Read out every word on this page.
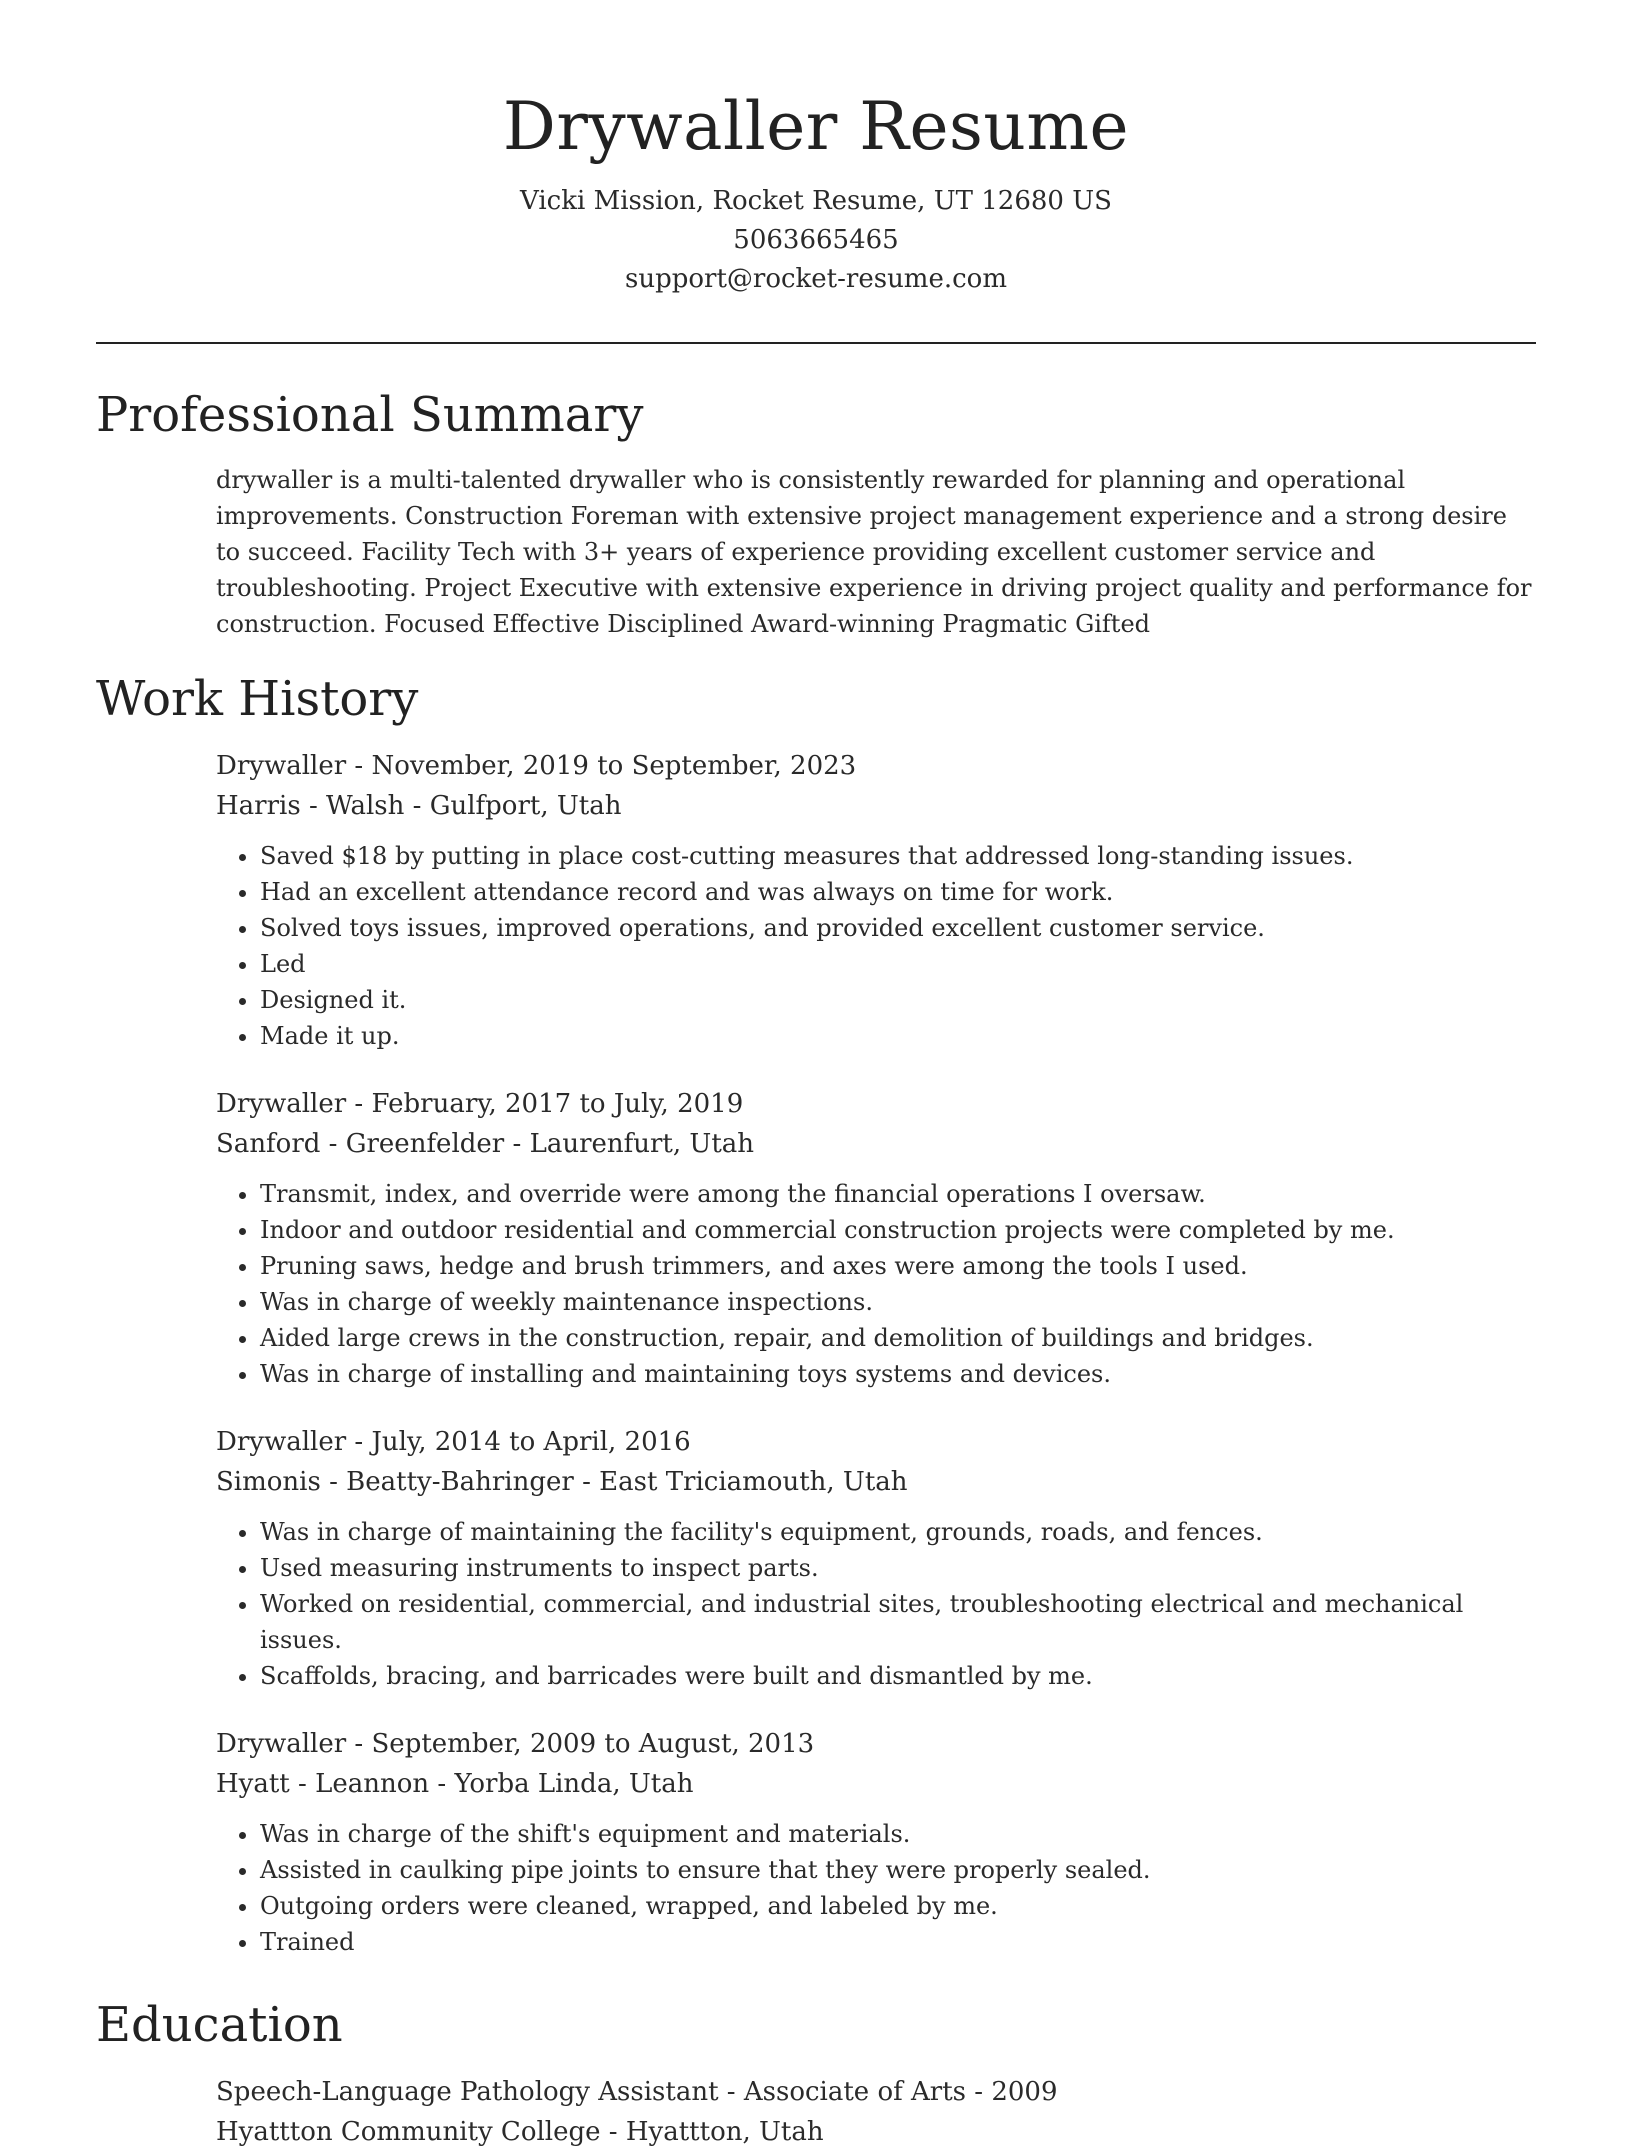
Drywaller Resume
Vicki Mission, Rocket Resume, UT 12680 US
5063665465
support@rocket-resume.com
Professional Summary

drywaller is a multi-talented drywaller who is consistently rewarded for planning and operational improvements. Construction Foreman with extensive project management experience and a strong desire to succeed. Facility Tech with 3+ years of experience providing excellent customer service and troubleshooting. Project Executive with extensive experience in driving project quality and performance for construction. Focused Effective Disciplined Award-winning Pragmatic Gifted

Work History
Drywaller - November, 2019 to September, 2023
Harris - Walsh - Gulfport, Utah
• Saved $18 by putting in place cost-cutting measures that addressed long-standing issues.
• Had an excellent attendance record and was always on time for work.
• Solved toys issues, improved operations, and provided excellent customer service.
• Led
• Designed it.
• Made it up.
Drywaller - February, 2017 to July, 2019
Sanford - Greenfelder - Laurenfurt, Utah
• Transmit, index, and override were among the financial operations I oversaw.
• Indoor and outdoor residential and commercial construction projects were completed by me.
• Pruning saws, hedge and brush trimmers, and axes were among the tools I used.
• Was in charge of weekly maintenance inspections.
• Aided large crews in the construction, repair, and demolition of buildings and bridges.
• Was in charge of installing and maintaining toys systems and devices.
Drywaller - July, 2014 to April, 2016
Simonis - Beatty-Bahringer - East Triciamouth, Utah
• Was in charge of maintaining the facility's equipment, grounds, roads, and fences.
• Used measuring instruments to inspect parts.
• Worked on residential, commercial, and industrial sites, troubleshooting electrical and mechanical issues.
• Scaffolds, bracing, and barricades were built and dismantled by me.
Drywaller - September, 2009 to August, 2013
Hyatt - Leannon - Yorba Linda, Utah
• Was in charge of the shift's equipment and materials.
• Assisted in caulking pipe joints to ensure that they were properly sealed.
• Outgoing orders were cleaned, wrapped, and labeled by me.
• Trained
Education
Speech-Language Pathology Assistant - Associate of Arts - 2009
Hyattton Community College - Hyattton, Utah
